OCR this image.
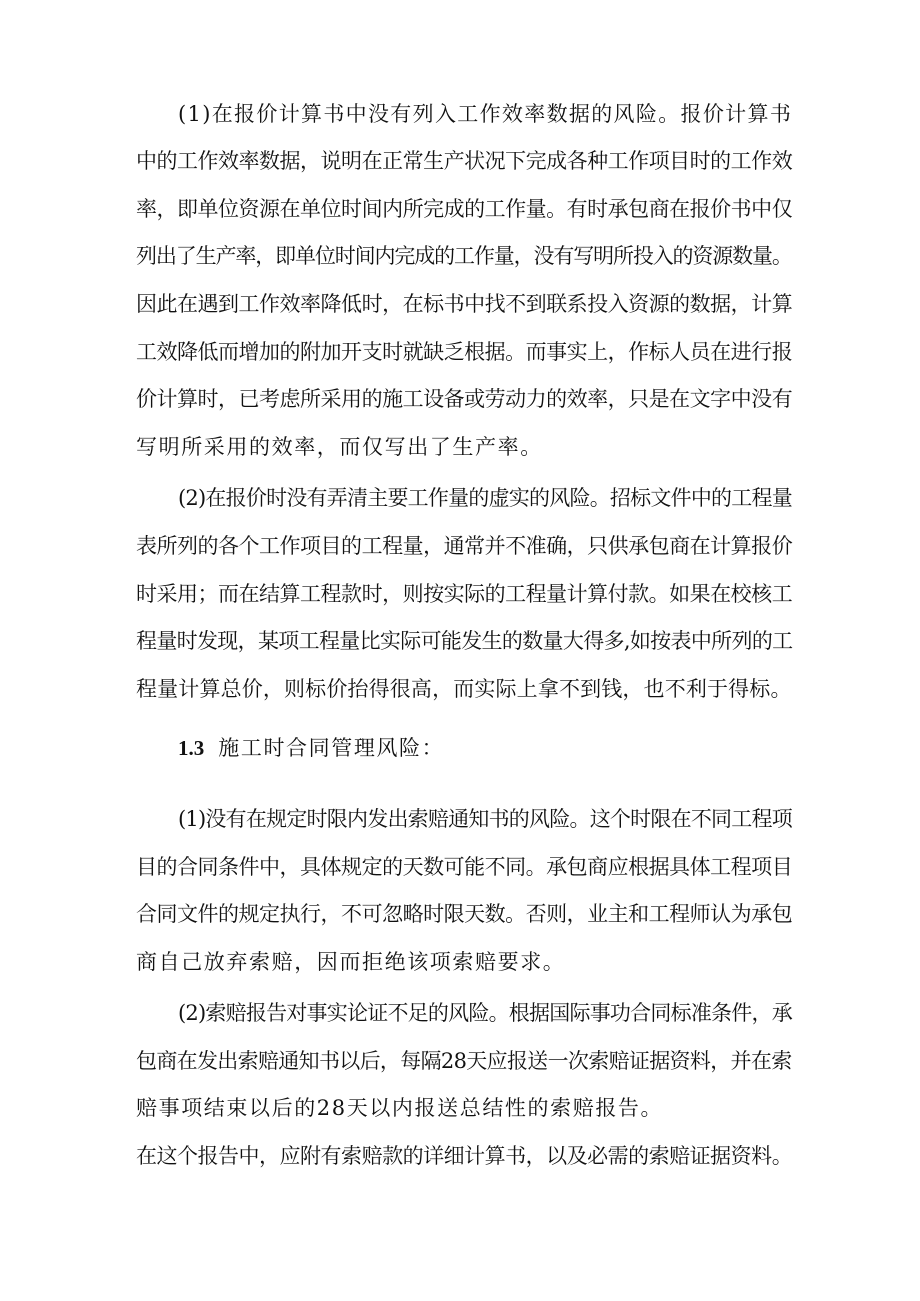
(1)在报价计算书中没有列入工作效率数据的风险。报价计算书
中的工作效率数据，说明在正常生产状况下完成各种工作项目时的工作效
率，即单位资源在单位时间内所完成的工作量。有时承包商在报价书中仅
列出了生产率，即单位时间内完成的工作量，没有写明所投入的资源数量。
因此在遇到工作效率降低时，在标书中找不到联系投入资源的数据，计算
工效降低而增加的附加开支时就缺乏根据。而事实上，作标人员在进行报
价计算时，已考虑所采用的施工设备或劳动力的效率，只是在文字中没有
写明所采用的效率，而仅写出了生产率。
(2)在报价时没有弄清主要工作量的虚实的风险。招标文件中的工程量
表所列的各个工作项目的工程量，通常并不准确，只供承包商在计算报价
时采用；而在结算工程款时，则按实际的工程量计算付款。如果在校核工
程量时发现，某项工程量比实际可能发生的数量大得多,如按表中所列的工
程量计算总价，则标价抬得很高，而实际上拿不到钱，也不利于得标。
1.3 施工时合同管理风险：
(1)没有在规定时限内发出索赔通知书的风险。这个时限在不同工程项
目的合同条件中，具体规定的天数可能不同。承包商应根据具体工程项目
合同文件的规定执行，不可忽略时限天数。否则，业主和工程师认为承包
商自己放弃索赔，因而拒绝该项索赔要求。
(2)索赔报告对事实论证不足的风险。根据国际事功合同标准条件，承
包商在发出索赔通知书以后，每隔28天应报送一次索赔证据资料，并在索
赔事项结束以后的28天以内报送总结性的索赔报告。
在这个报告中，应附有索赔款的详细计算书，以及必需的索赔证据资料。
